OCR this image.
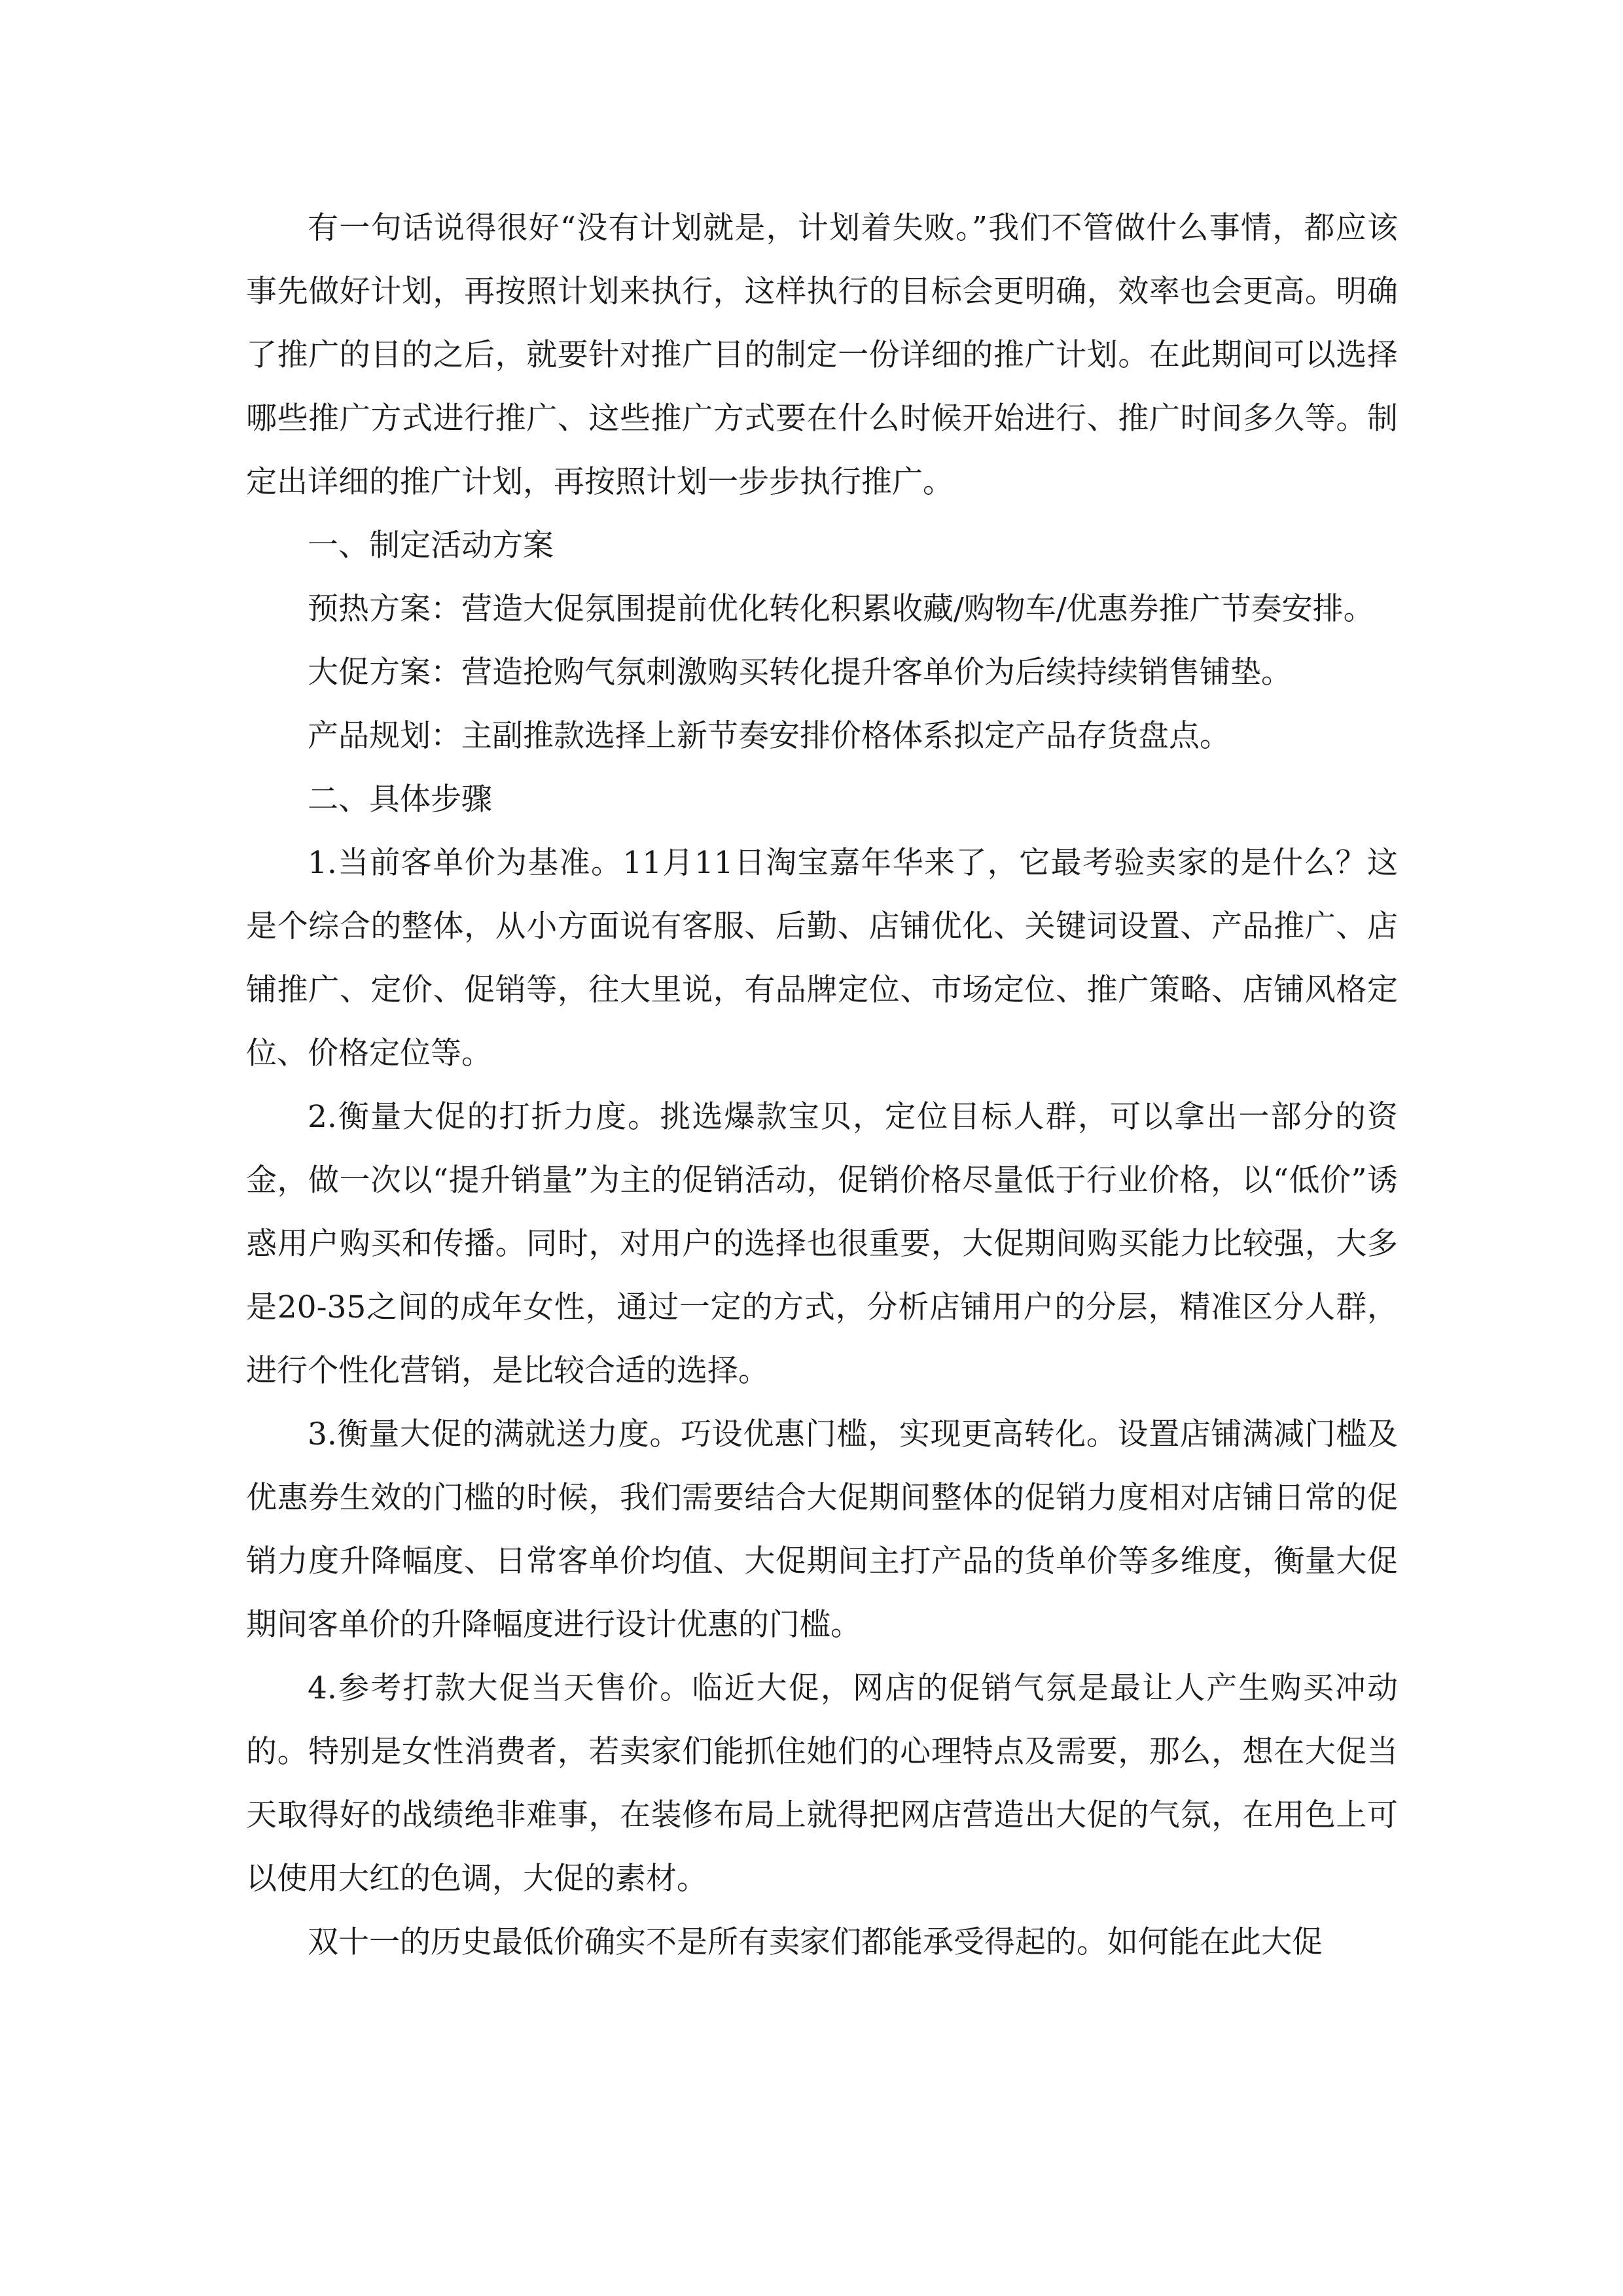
有一句话说得很好“没有计划就是，计划着失败。”我们不管做什么事情，都应该事先做好计划，再按照计划来执行，这样执行的目标会更明确，效率也会更高。明确了推广的目的之后，就要针对推广目的制定一份详细的推广计划。在此期间可以选择哪些推广方式进行推广、这些推广方式要在什么时候开始进行、推广时间多久等。制定出详细的推广计划，再按照计划一步步执行推广。

一、制定活动方案

预热方案：营造大促氛围提前优化转化积累收藏/购物车/优惠券推广节奏安排。

大促方案：营造抢购气氛刺激购买转化提升客单价为后续持续销售铺垫。

产品规划：主副推款选择上新节奏安排价格体系拟定产品存货盘点。

二、具体步骤

1.当前客单价为基准。11月11日淘宝嘉年华来了，它最考验卖家的是什么？这是个综合的整体，从小方面说有客服、后勤、店铺优化、关键词设置、产品推广、店铺推广、定价、促销等，往大里说，有品牌定位、市场定位、推广策略、店铺风格定位、价格定位等。

2.衡量大促的打折力度。挑选爆款宝贝，定位目标人群，可以拿出一部分的资金，做一次以“提升销量”为主的促销活动，促销价格尽量低于行业价格，以“低价”诱惑用户购买和传播。同时，对用户的选择也很重要，大促期间购买能力比较强，大多是20-35之间的成年女性，通过一定的方式，分析店铺用户的分层，精准区分人群，进行个性化营销，是比较合适的选择。

3.衡量大促的满就送力度。巧设优惠门槛，实现更高转化。设置店铺满减门槛及优惠券生效的门槛的时候，我们需要结合大促期间整体的促销力度相对店铺日常的促销力度升降幅度、日常客单价均值、大促期间主打产品的货单价等多维度，衡量大促期间客单价的升降幅度进行设计优惠的门槛。

4.参考打款大促当天售价。临近大促，网店的促销气氛是最让人产生购买冲动的。特别是女性消费者，若卖家们能抓住她们的心理特点及需要，那么，想在大促当天取得好的战绩绝非难事，在装修布局上就得把网店营造出大促的气氛，在用色上可以使用大红的色调，大促的素材。

双十一的历史最低价确实不是所有卖家们都能承受得起的。如何能在此大促
